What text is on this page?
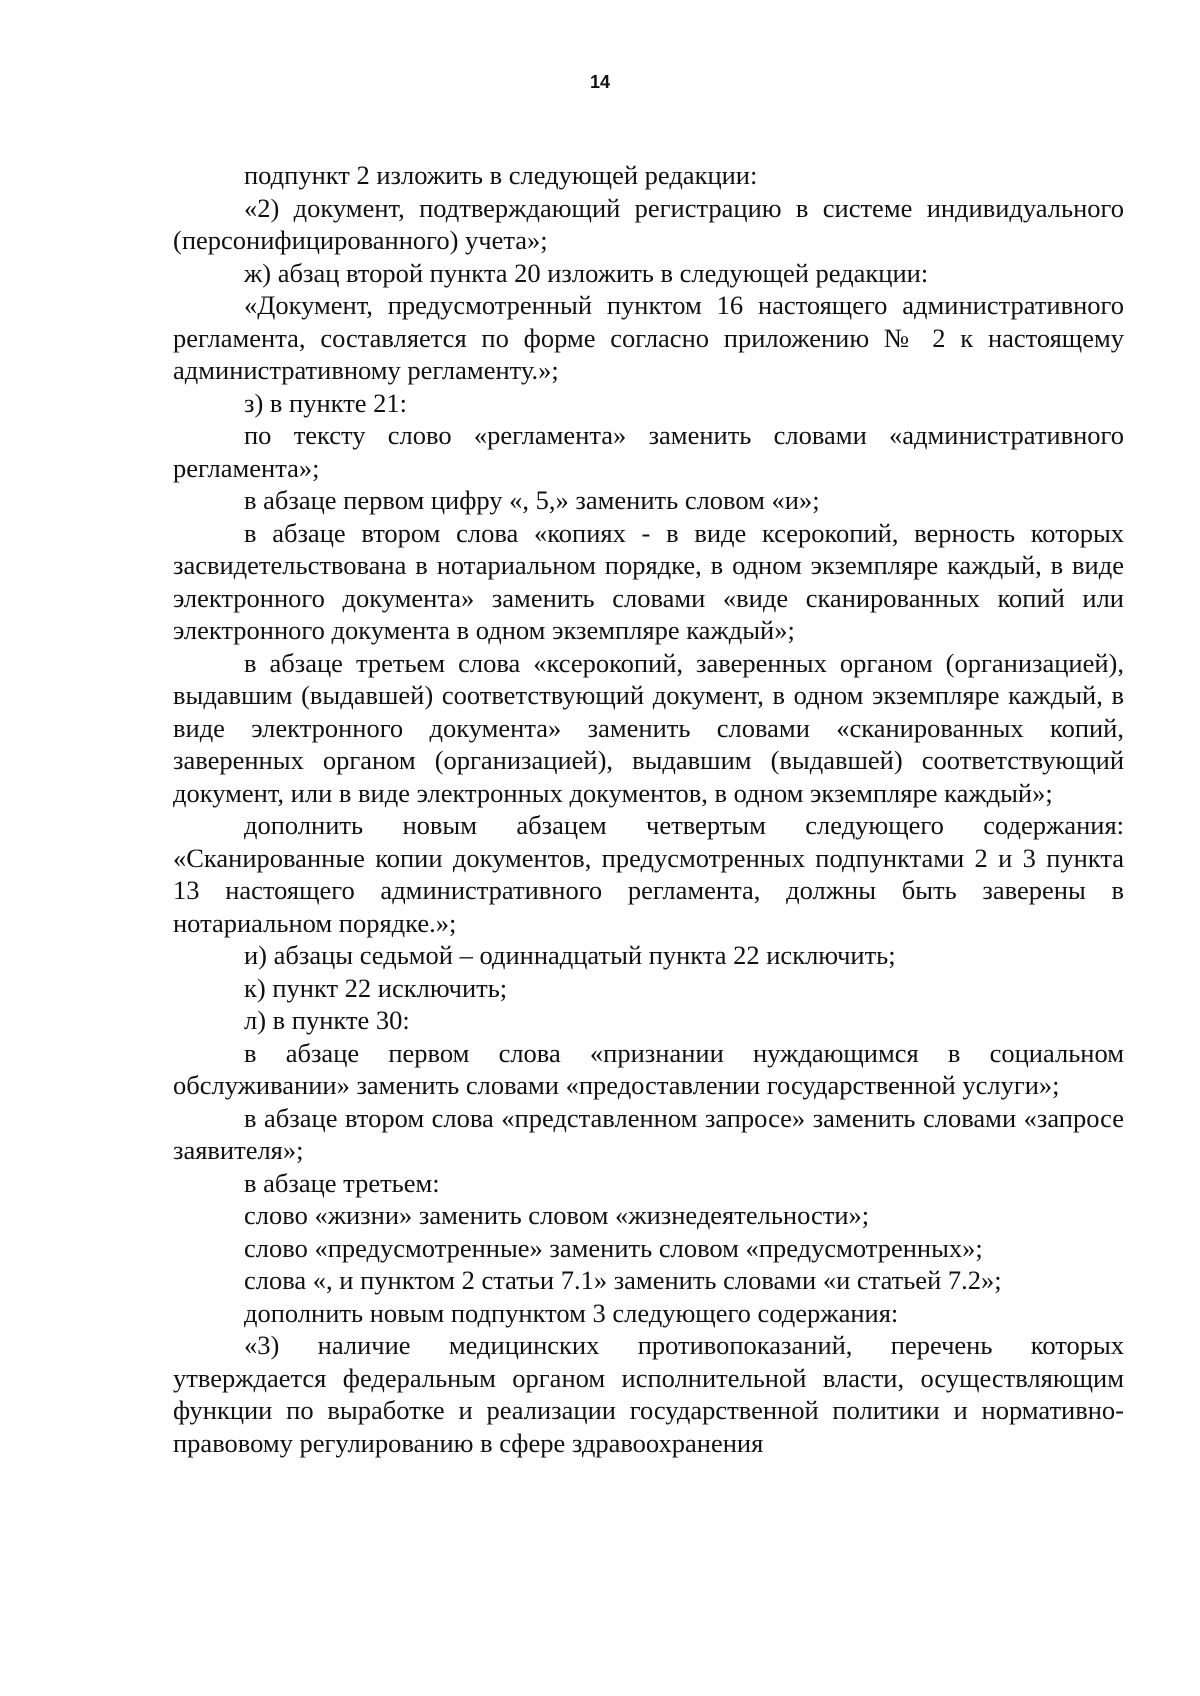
14

подпункт 2 изложить в следующей редакции:

«2) документ, подтверждающий регистрацию в системе индивидуального (персонифицированного) учета»;

ж) абзац второй пункта 20 изложить в следующей редакции:

«Документ, предусмотренный пунктом 16 настоящего административного регламента, составляется по форме согласно приложению № 2 к настоящему административному регламенту.»;

з) в пункте 21:

по тексту слово «регламента» заменить словами «административного регламента»;

в абзаце первом цифру «, 5,» заменить словом «и»;

в абзаце втором слова «копиях - в виде ксерокопий, верность которых засвидетельствована в нотариальном порядке, в одном экземпляре каждый, в виде электронного документа» заменить словами «виде сканированных копий или электронного документа в одном экземпляре каждый»;

в абзаце третьем слова «ксерокопий, заверенных органом (организацией), выдавшим (выдавшей) соответствующий документ, в одном экземпляре каждый, в виде электронного документа» заменить словами «сканированных копий, заверенных органом (организацией), выдавшим (выдавшей) соответствующий документ, или в виде электронных документов, в одном экземпляре каждый»;

дополнить новым абзацем четвертым следующего содержания: «Сканированные копии документов, предусмотренных подпунктами 2 и 3 пункта 13 настоящего административного регламента, должны быть заверены в нотариальном порядке.»;

и) абзацы седьмой – одиннадцатый пункта 22 исключить;

к) пункт 22 исключить;

л) в пункте 30:

в абзаце первом слова «признании нуждающимся в социальном обслуживании» заменить словами «предоставлении государственной услуги»;

в абзаце втором слова «представленном запросе» заменить словами «запросе заявителя»;

в абзаце третьем:

слово «жизни» заменить словом «жизнедеятельности»;

слово «предусмотренные» заменить словом «предусмотренных»;

слова «, и пунктом 2 статьи 7.1» заменить словами «и статьей 7.2»;

дополнить новым подпунктом 3 следующего содержания:

«3) наличие медицинских противопоказаний, перечень которых утверждается федеральным органом исполнительной власти, осуществляющим функции по выработке и реализации государственной политики и нормативно-правовому регулированию в сфере здравоохранения
